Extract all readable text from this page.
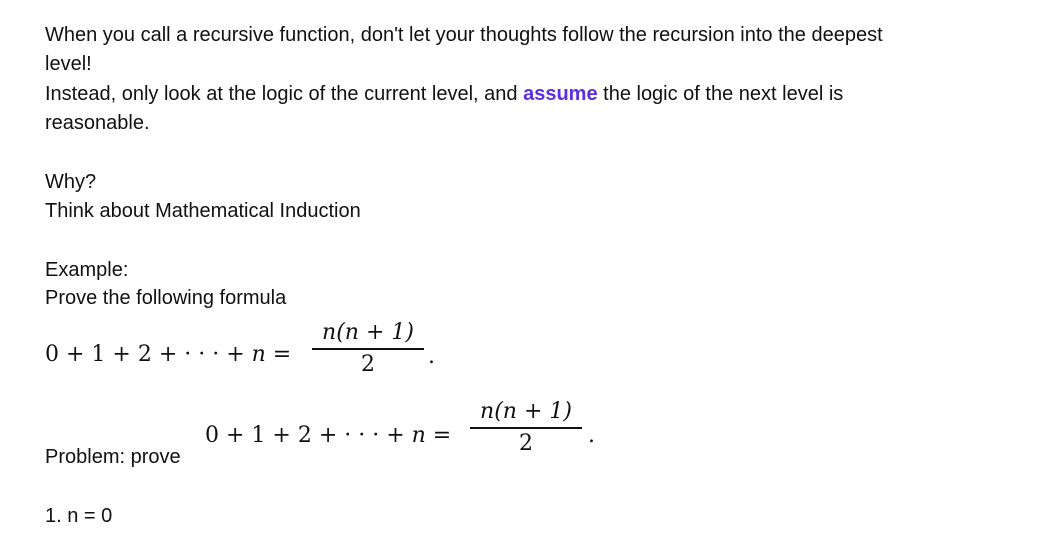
When you call a recursive function, don't let your thoughts follow the recursion into the deepest
level!
Instead, only look at the logic of the current level, and assume the logic of the next level is
reasonable.
Why?
Think about Mathematical Induction
Example:
Prove the following formula
0 + 1 + 2 + · · · + n =
n(n + 1)
2	.
0 + 1 + 2 + · · · + n =
n(n + 1)
2	.
Problem: prove
1. n = 0
